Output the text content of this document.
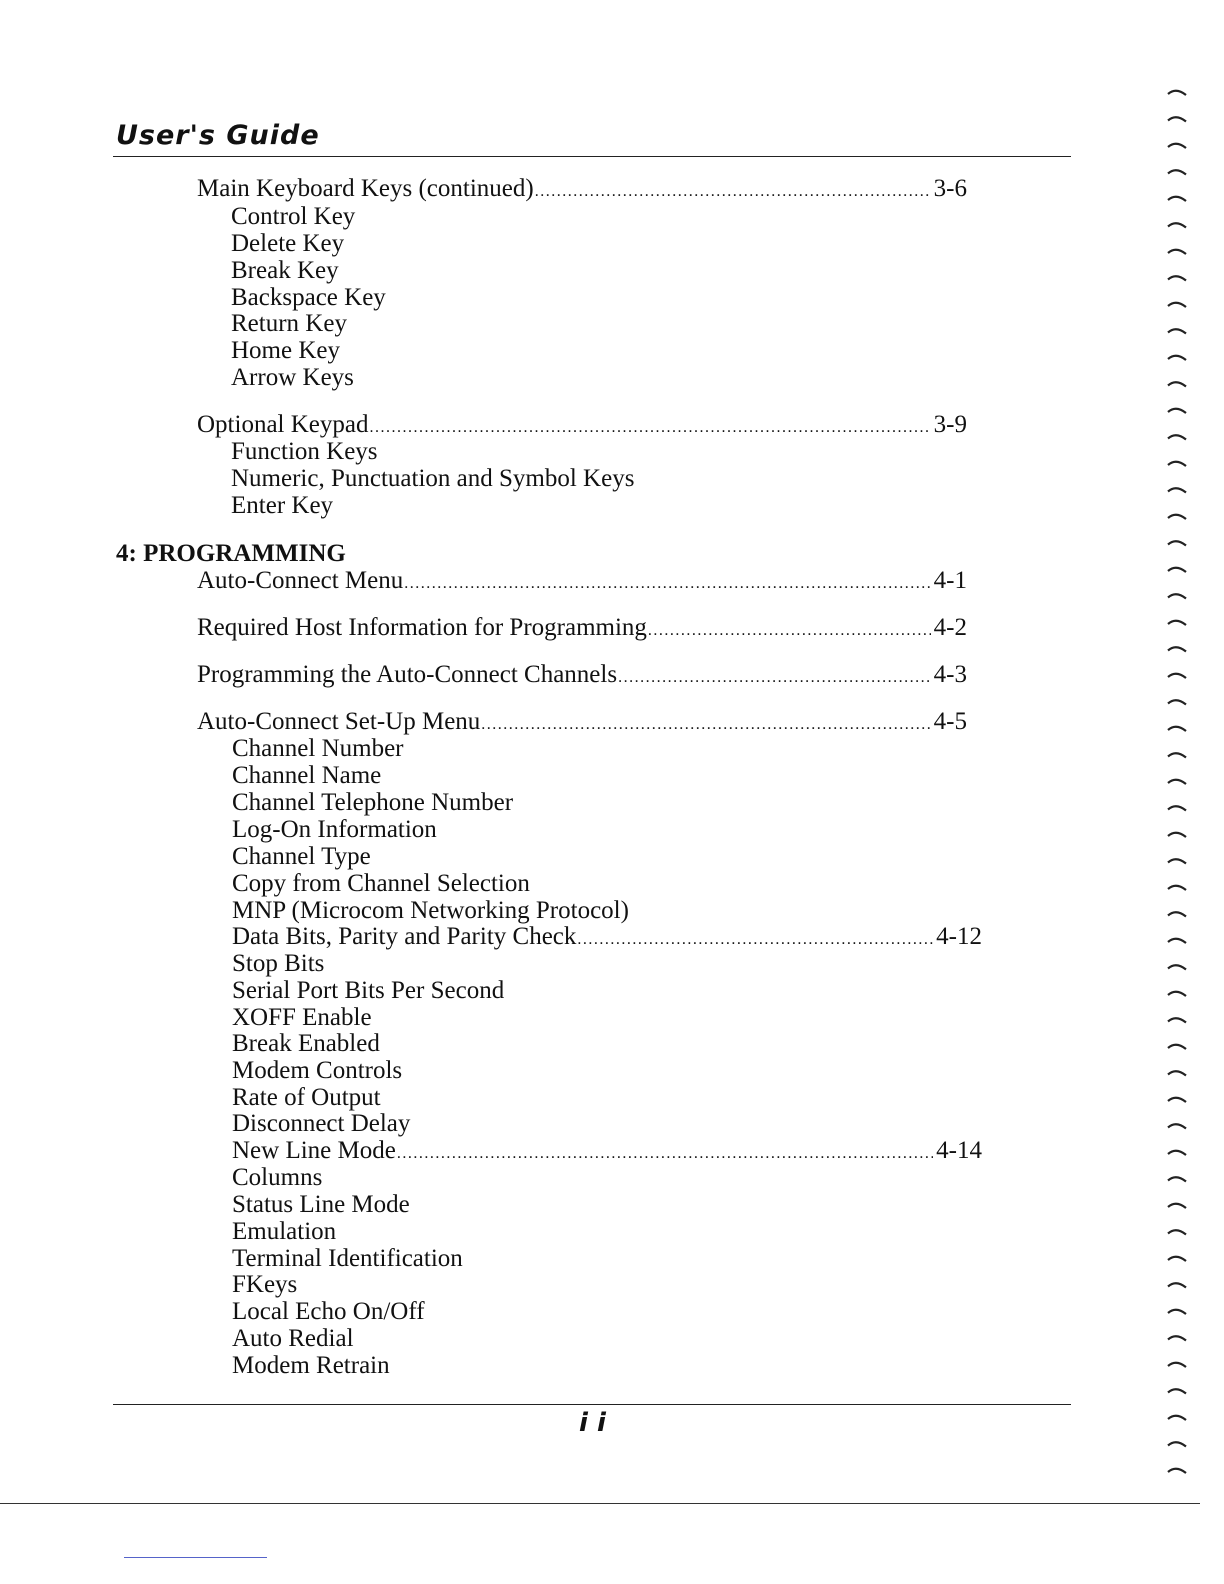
User's Guide
Main Keyboard Keys (continued) .....	3-6
Control Key
Delete Key
Break Key
Backspace Key
Return Key
Home Key
Arrow Keys
Optional Keypad .....	3-9
Function Keys
Numeric, Punctuation and Symbol Keys
Enter Key
4: PROGRAMMING
Auto-Connect Menu .....	4-1
Required Host Information for Programming .....	4-2
Programming the Auto-Connect Channels .....	4-3
Auto-Connect Set-Up Menu .....	4-5
Channel Number
Channel Name
Channel Telephone Number
Log-On Information
Channel Type
Copy from Channel Selection
MNP (Microcom Networking Protocol)
Data Bits, Parity and Parity Check .....	4-12
Stop Bits
Serial Port Bits Per Second
XOFF Enable
Break Enabled
Modem Controls
Rate of Output
Disconnect Delay
New Line Mode .....	4-14
Columns
Status Line Mode
Emulation
Terminal Identification
FKeys
Local Echo On/Off
Auto Redial
Modem Retrain
i i
